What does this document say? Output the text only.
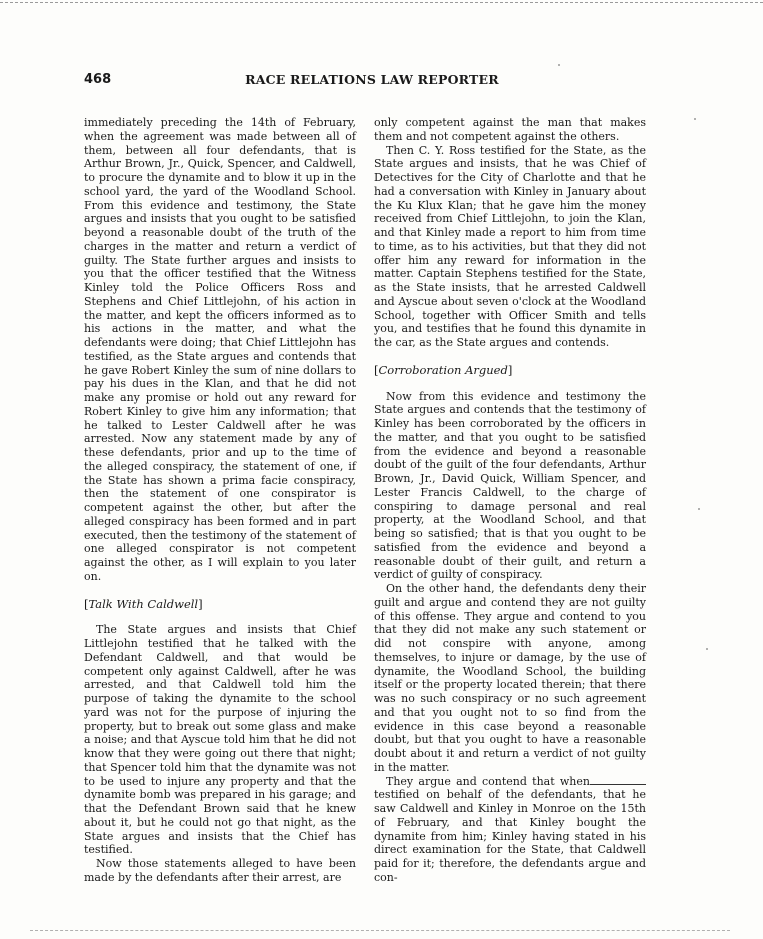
468	RACE RELATIONS LAW REPORTER

immediately preceding the 14th of February, when the agreement was made between all of them, between all four defendants, that is Arthur Brown, Jr., Quick, Spencer, and Caldwell, to procure the dynamite and to blow it up in the school yard, the yard of the Woodland School. From this evidence and testimony, the State argues and insists that you ought to be satisfied beyond a reasonable doubt of the truth of the charges in the matter and return a verdict of guilty. The State further argues and insists to you that the officer testified that the Witness Kinley told the Police Officers Ross and Stephens and Chief Littlejohn, of his action in the matter, and kept the officers informed as to his actions in the matter, and what the defendants were doing; that Chief Littlejohn has testified, as the State argues and contends that he gave Robert Kinley the sum of nine dollars to pay his dues in the Klan, and that he did not make any promise or hold out any reward for Robert Kinley to give him any information; that he talked to Lester Caldwell after he was arrested. Now any statement made by any of these defendants, prior and up to the time of the alleged conspiracy, the statement of one, if the State has shown a prima facie conspiracy, then the statement of one conspirator is competent against the other, but after the alleged conspiracy has been formed and in part executed, then the testimony of the statement of one alleged conspirator is not competent against the other, as I will explain to you later on.

[Talk With Caldwell]

The State argues and insists that Chief Littlejohn testified that he talked with the Defendant Caldwell, and that would be competent only against Caldwell, after he was arrested, and that Caldwell told him the purpose of taking the dynamite to the school yard was not for the purpose of injuring the property, but to break out some glass and make a noise; and that Ayscue told him that he did not know that they were going out there that night; that Spencer told him that the dynamite was not to be used to injure any property and that the dynamite bomb was prepared in his garage; and that the Defendant Brown said that he knew about it, but he could not go that night, as the State argues and insists that the Chief has testified.

Now those statements alleged to have been made by the defendants after their arrest, are

only competent against the man that makes them and not competent against the others.

Then C. Y. Ross testified for the State, as the State argues and insists, that he was Chief of Detectives for the City of Charlotte and that he had a conversation with Kinley in January about the Ku Klux Klan; that he gave him the money received from Chief Littlejohn, to join the Klan, and that Kinley made a report to him from time to time, as to his activities, but that they did not offer him any reward for information in the matter. Captain Stephens testified for the State, as the State insists, that he arrested Caldwell and Ayscue about seven o'clock at the Woodland School, together with Officer Smith and tells you, and testifies that he found this dynamite in the car, as the State argues and contends.

[Corroboration Argued]

Now from this evidence and testimony the State argues and contends that the testimony of Kinley has been corroborated by the officers in the matter, and that you ought to be satisfied from the evidence and beyond a reasonable doubt of the guilt of the four defendants, Arthur Brown, Jr., David Quick, William Spencer, and Lester Francis Caldwell, to the charge of conspiring to damage personal and real property, at the Woodland School, and that being so satisfied; that is that you ought to be satisfied from the evidence and beyond a reasonable doubt of their guilt, and return a verdict of guilty of conspiracy.

On the other hand, the defendants deny their guilt and argue and contend they are not guilty of this offense. They argue and contend to you that they did not make any such statement or did not conspire with anyone, among themselves, to injure or damage, by the use of dynamite, the Woodland School, the building itself or the property located therein; that there was no such conspiracy or no such agreement and that you ought not to so find from the evidence in this case beyond a reasonable doubt, but that you ought to have a reasonable doubt about it and return a verdict of not guilty in the matter.

They argue and contend that when testified on behalf of the defendants, that he saw Caldwell and Kinley in Monroe on the 15th of February, and that Kinley bought the dynamite from him; Kinley having stated in his direct examination for the State, that Caldwell paid for it; therefore, the defendants argue and con-
